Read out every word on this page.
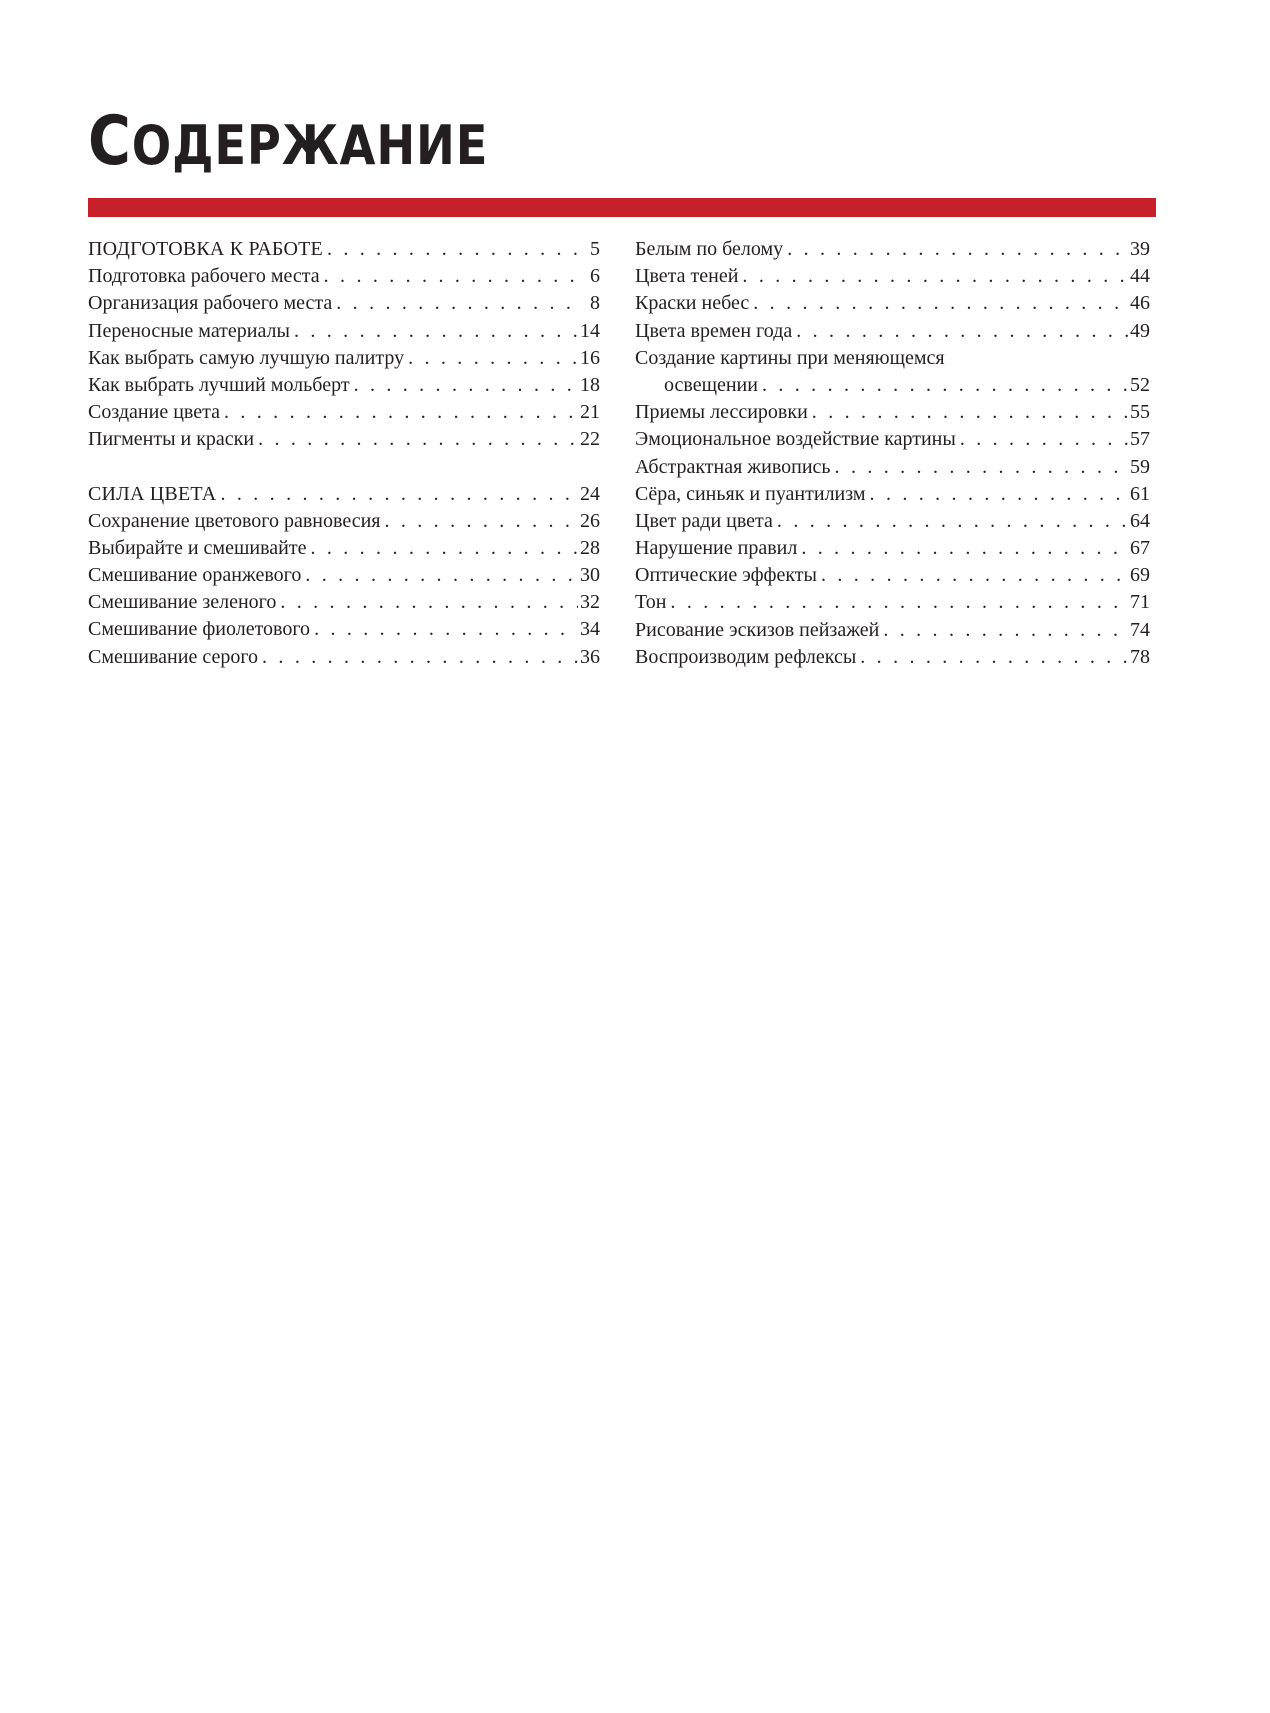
СОДЕРЖАНИЕ
ПОДГОТОВКА К РАБОТЕ . . .	5
Подготовка рабочего места . . .	6
Организация рабочего места . . .	8
Переносные материалы . . .	14
Как выбрать самую лучшую палитру . . .	16
Как выбрать лучший мольберт . . .	18
Создание цвета . . .	21
Пигменты и краски . . .	22
СИЛА ЦВЕТА . . .	24
Сохранение цветового равновесия . . .	26
Выбирайте и смешивайте . . .	28
Смешивание оранжевого . . .	30
Смешивание зеленого . . .	32
Смешивание фиолетового . . .	34
Смешивание серого . . .	36
Белым по белому . . .	39
Цвета теней . . .	44
Краски небес . . .	46
Цвета времен года . . .	49
Создание картины при меняющемся
освещении . . .	52
Приемы лессировки . . .	55
Эмоциональное воздействие картины . . .	57
Абстрактная живопись . . .	59
Сёра, синьяк и пуантилизм . . .	61
Цвет ради цвета . . .	64
Нарушение правил . . .	67
Оптические эффекты . . .	69
Тон . . .	71
Рисование эскизов пейзажей . . .	74
Воспроизводим рефлексы . . .	78
